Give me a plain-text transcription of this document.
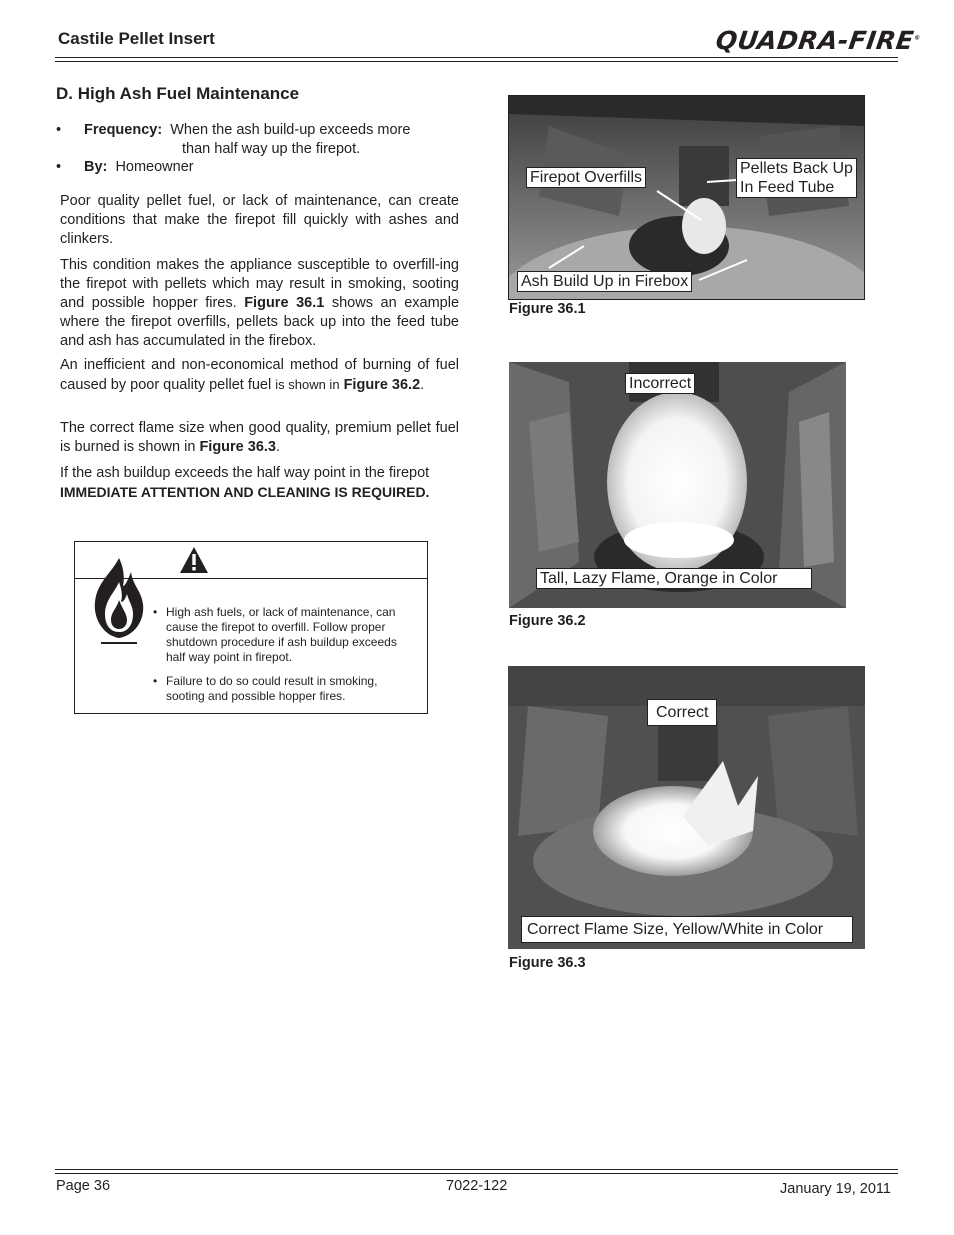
Castile Pellet Insert	QUADRA-FIRE®
D. High Ash Fuel Maintenance
• Frequency: When the ash build-up exceeds more
than half way up the firepot.
• By: Homeowner
Poor quality pellet fuel, or lack of maintenance, can create conditions that make the firepot fill quickly with ashes and clinkers.
This condition makes the appliance susceptible to overfill-ing the firepot with pellets which may result in smoking, sooting and possible hopper fires. Figure 36.1 shows an example where the firepot overfills, pellets back up into the feed tube and ash has accumulated in the firebox.
An inefficient and non-economical method of burning of fuel caused by poor quality pellet fuel is shown in Figure 36.2.
The correct flame size when good quality, premium pellet fuel is burned is shown in Figure 36.3.
If the ash buildup exceeds the half way point in the firepot
IMMEDIATE ATTENTION AND CLEANING IS REQUIRED.
• High ash fuels, or lack of maintenance, can cause the firepot to overfill. Follow proper shutdown procedure if ash buildup exceeds half way point in firepot.
• Failure to do so could result in smoking, sooting and possible hopper fires.
Firepot Overfills
Pellets Back Up
In Feed Tube
Ash Build Up in Firebox
Figure 36.1
Incorrect
Tall, Lazy Flame, Orange in Color
Figure 36.2
Correct
Correct Flame Size, Yellow/White in Color
Figure 36.3
Page 36	7022-122	January 19, 2011
